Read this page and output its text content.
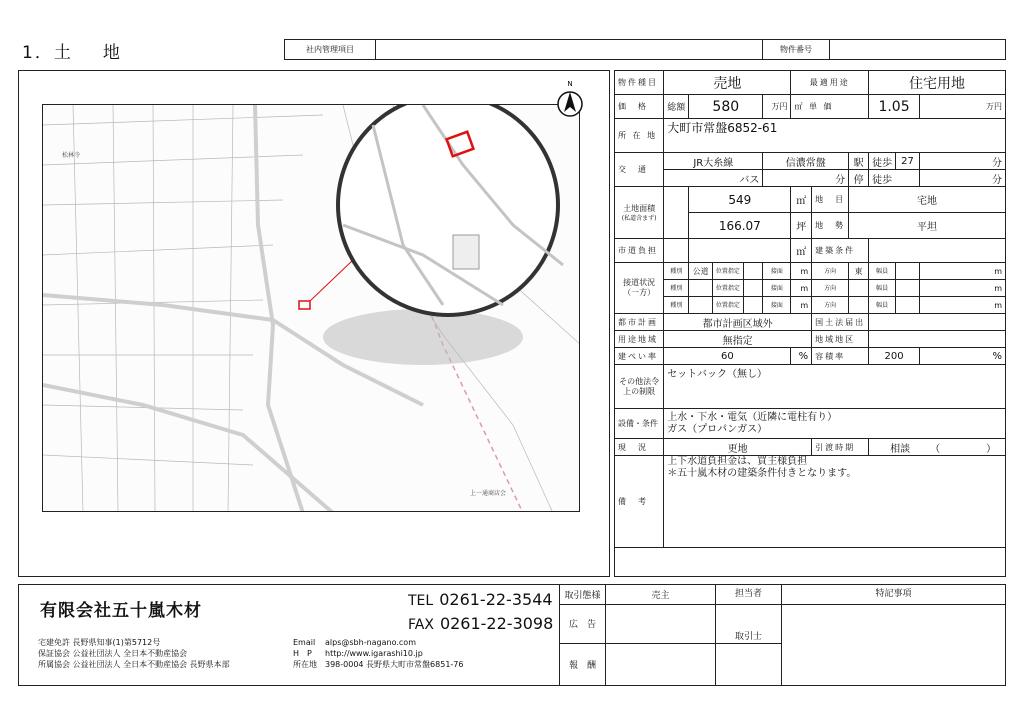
1．土 地	社内管理項目	物件番号
N
松林寺
上一通商店会
物件種目	売地					最適用途			住宅用地		
価　格	総額	580			万円	㎡ 単 価			1.05		万円
所 在 地	大町市常盤6852-61										
交　通	JR大糸線				信濃常盤			駅	徒歩	27	分
	バス				分			停	徒歩		分
土地面積
(私道含まず)		549				㎡	地　目	宅地			
		166.07				坪	地　勢	平坦			
市道負担						㎡	建築条件				
接道状況（一方）	種別	公道	位置指定		接面	m	方向	東	幅員		m
	種別		位置指定		接面	m	方向		幅員		m
	種別		位置指定		接面	m	方向		幅員		m
都市計画	都市計画区域外						国土法届出				
用途地域	無指定						地域地区				
建ぺい率	60					%	容積率		200		%
その他法令上の制限	セットバック（無し）										
設備・条件	上水・下水・電気（近隣に電柱有り）
ガス（プロパンガス）										
現　況	更地						引渡時期		相談 （ ）		
備　考	上下水道負担金は、買主様負担
＊五十嵐木材の建築条件付きとなります。										
有限会社五十嵐木材	TEL 0261-22-3544
FAX 0261-22-3098
宅建免許 長野県知事(1)第5712号
保証協会 公益社団法人 全日本不動産協会
所属協会 公益社団法人 全日本不動産協会 長野県本部
Email alps@sbh-nagano.com
H　P http://www.igarashi10.jp
所在地 398-0004 長野県大町市常盤6851-76
取引態様	売主	担当者	特記事項
広　告		取引士	
報　酬			
